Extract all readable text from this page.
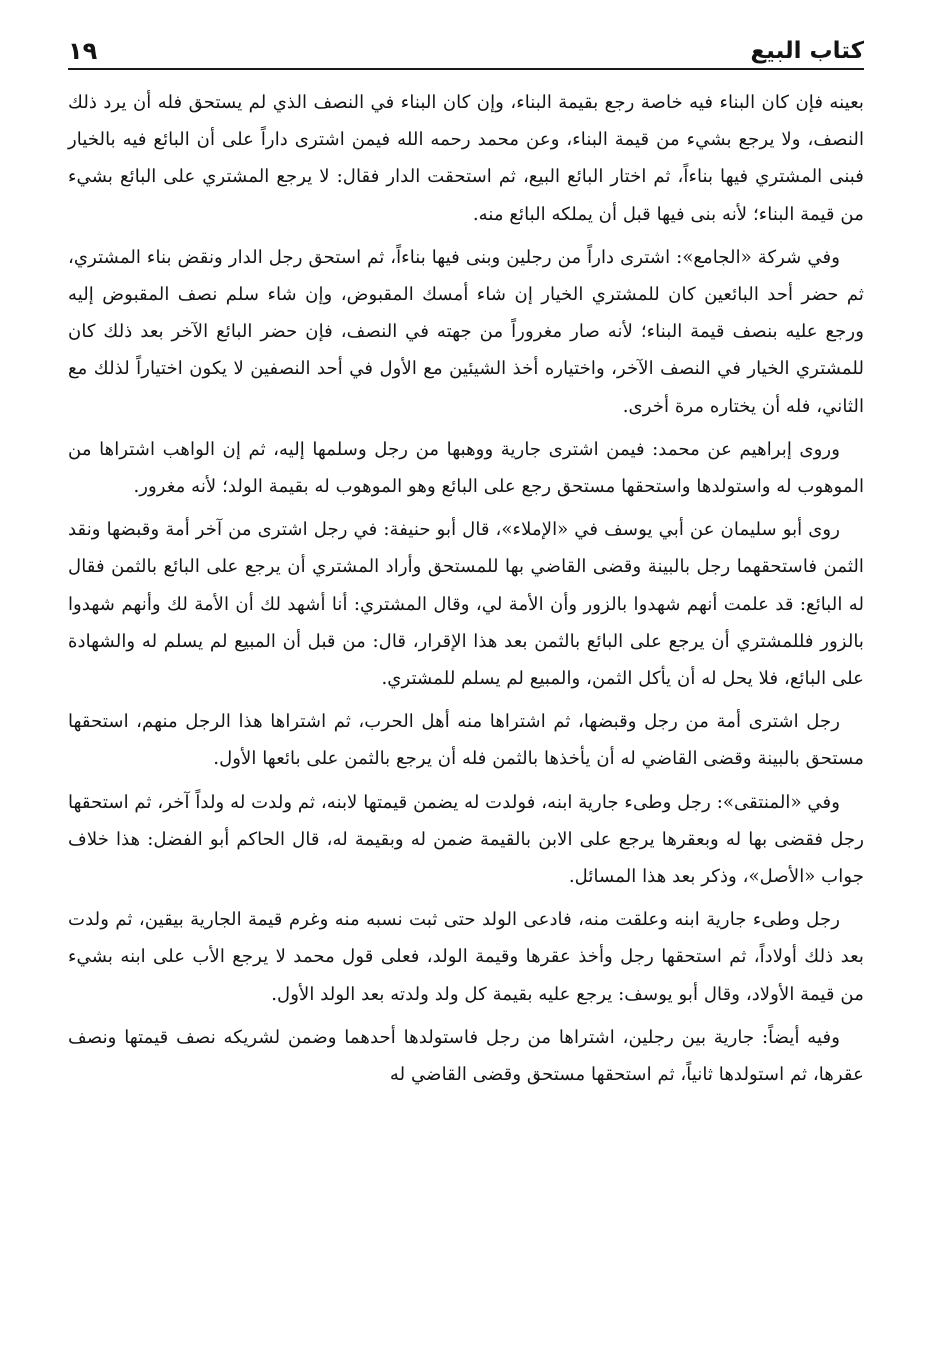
كتاب البيع
١٩

بعينه فإن كان البناء فيه خاصة رجع بقيمة البناء، وإن كان البناء في النصف الذي لم يستحق فله أن يرد ذلك النصف، ولا يرجع بشيء من قيمة البناء، وعن محمد رحمه الله فيمن اشترى داراً على أن البائع فيه بالخيار فبنى المشتري فيها بناءاً، ثم اختار البائع البيع، ثم استحقت الدار فقال: لا يرجع المشتري على البائع بشيء من قيمة البناء؛ لأنه بنى فيها قبل أن يملكه البائع منه.

وفي شركة «الجامع»: اشترى داراً من رجلين وبنى فيها بناءاً، ثم استحق رجل الدار ونقض بناء المشتري، ثم حضر أحد البائعين كان للمشتري الخيار إن شاء أمسك المقبوض، وإن شاء سلم نصف المقبوض إليه ورجع عليه بنصف قيمة البناء؛ لأنه صار مغروراً من جهته في النصف، فإن حضر البائع الآخر بعد ذلك كان للمشتري الخيار في النصف الآخر، واختياره أخذ الشيئين مع الأول في أحد النصفين لا يكون اختياراً لذلك مع الثاني، فله أن يختاره مرة أخرى.

وروى إبراهيم عن محمد: فيمن اشترى جارية ووهبها من رجل وسلمها إليه، ثم إن الواهب اشتراها من الموهوب له واستولدها واستحقها مستحق رجع على البائع وهو الموهوب له بقيمة الولد؛ لأنه مغرور.

روى أبو سليمان عن أبي يوسف في «الإملاء»، قال أبو حنيفة: في رجل اشترى من آخر أمة وقبضها ونقد الثمن فاستحقهما رجل بالبينة وقضى القاضي بها للمستحق وأراد المشتري أن يرجع على البائع بالثمن فقال له البائع: قد علمت أنهم شهدوا بالزور وأن الأمة لي، وقال المشتري: أنا أشهد لك أن الأمة لك وأنهم شهدوا بالزور فللمشتري أن يرجع على البائع بالثمن بعد هذا الإقرار، قال: من قبل أن المبيع لم يسلم له والشهادة على البائع، فلا يحل له أن يأكل الثمن، والمبيع لم يسلم للمشتري.

رجل اشترى أمة من رجل وقبضها، ثم اشتراها منه أهل الحرب، ثم اشتراها هذا الرجل منهم، استحقها مستحق بالبينة وقضى القاضي له أن يأخذها بالثمن فله أن يرجع بالثمن على بائعها الأول.

وفي «المنتقى»: رجل وطىء جارية ابنه، فولدت له يضمن قيمتها لابنه، ثم ولدت له ولداً آخر، ثم استحقها رجل فقضى بها له وبعقرها يرجع على الابن بالقيمة ضمن له وبقيمة له، قال الحاكم أبو الفضل: هذا خلاف جواب «الأصل»، وذكر بعد هذا المسائل.

رجل وطىء جارية ابنه وعلقت منه، فادعى الولد حتى ثبت نسبه منه وغرم قيمة الجارية بيقين، ثم ولدت بعد ذلك أولاداً، ثم استحقها رجل وأخذ عقرها وقيمة الولد، فعلى قول محمد لا يرجع الأب على ابنه بشيء من قيمة الأولاد، وقال أبو يوسف: يرجع عليه بقيمة كل ولد ولدته بعد الولد الأول.

وفيه أيضاً: جارية بين رجلين، اشتراها من رجل فاستولدها أحدهما وضمن لشريكه نصف قيمتها ونصف عقرها، ثم استولدها ثانياً، ثم استحقها مستحق وقضى القاضي له
